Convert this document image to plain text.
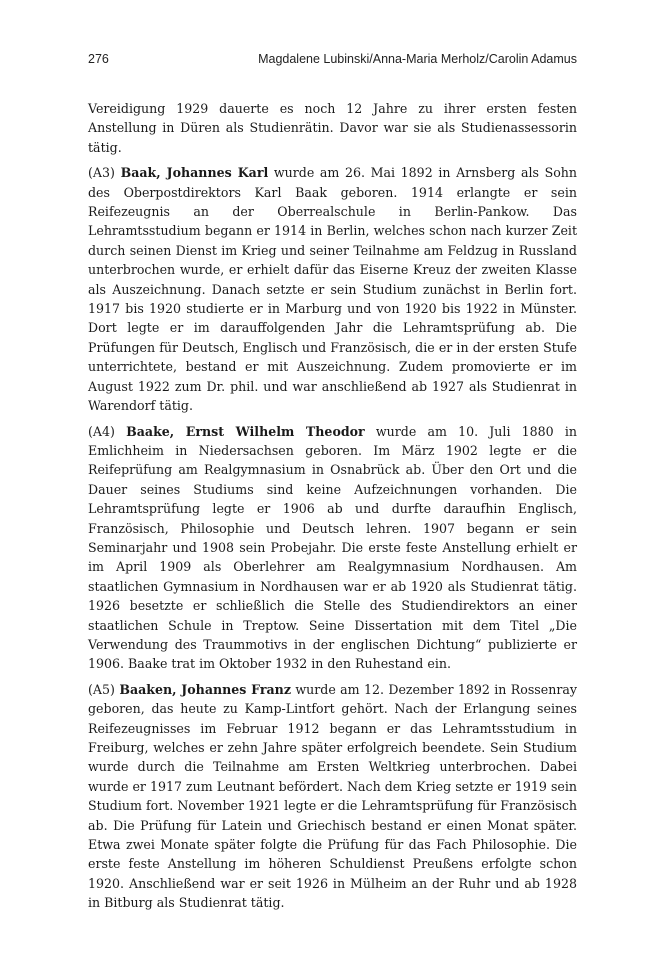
276	Magdalene Lubinski/Anna-Maria Merholz/Carolin Adamus

Vereidigung 1929 dauerte es noch 12 Jahre zu ihrer ersten festen Anstellung in Düren als Studienrätin. Davor war sie als Studienassessorin tätig.

(A3) Baak, Johannes Karl wurde am 26. Mai 1892 in Arnsberg als Sohn des Oberpostdirektors Karl Baak geboren. 1914 erlangte er sein Reifezeugnis an der Oberrealschule in Berlin-Pankow. Das Lehramtsstudium begann er 1914 in Berlin, welches schon nach kurzer Zeit durch seinen Dienst im Krieg und seiner Teilnahme am Feldzug in Russland unterbrochen wurde, er erhielt dafür das Eiserne Kreuz der zweiten Klasse als Auszeichnung. Danach setzte er sein Studium zunächst in Berlin fort. 1917 bis 1920 studierte er in Marburg und von 1920 bis 1922 in Münster. Dort legte er im darauffolgenden Jahr die Lehramtsprüfung ab. Die Prüfungen für Deutsch, Englisch und Französisch, die er in der ersten Stufe unterrichtete, bestand er mit Auszeichnung. Zudem promovierte er im August 1922 zum Dr. phil. und war anschließend ab 1927 als Studienrat in Warendorf tätig.

(A4) Baake, Ernst Wilhelm Theodor wurde am 10. Juli 1880 in Emlichheim in Niedersachsen geboren. Im März 1902 legte er die Reifeprüfung am Realgymnasium in Osnabrück ab. Über den Ort und die Dauer seines Studiums sind keine Aufzeichnungen vorhanden. Die Lehramtsprüfung legte er 1906 ab und durfte daraufhin Englisch, Französisch, Philosophie und Deutsch lehren. 1907 begann er sein Seminarjahr und 1908 sein Probejahr. Die erste feste Anstellung erhielt er im April 1909 als Oberlehrer am Realgymnasium Nordhausen. Am staatlichen Gymnasium in Nordhausen war er ab 1920 als Studienrat tätig. 1926 besetzte er schließlich die Stelle des Studiendirektors an einer staatlichen Schule in Treptow. Seine Dissertation mit dem Titel „Die Verwendung des Traummotivs in der englischen Dichtung“ publizierte er 1906. Baake trat im Oktober 1932 in den Ruhestand ein.

(A5) Baaken, Johannes Franz wurde am 12. Dezember 1892 in Rossenray geboren, das heute zu Kamp-Lintfort gehört. Nach der Erlangung seines Reifezeugnisses im Februar 1912 begann er das Lehramtsstudium in Freiburg, welches er zehn Jahre später erfolgreich beendete. Sein Studium wurde durch die Teilnahme am Ersten Weltkrieg unterbrochen. Dabei wurde er 1917 zum Leutnant befördert. Nach dem Krieg setzte er 1919 sein Studium fort. November 1921 legte er die Lehramtsprüfung für Französisch ab. Die Prüfung für Latein und Griechisch bestand er einen Monat später. Etwa zwei Monate später folgte die Prüfung für das Fach Philosophie. Die erste feste Anstellung im höheren Schuldienst Preußens erfolgte schon 1920. Anschließend war er seit 1926 in Mülheim an der Ruhr und ab 1928 in Bitburg als Studienrat tätig.
